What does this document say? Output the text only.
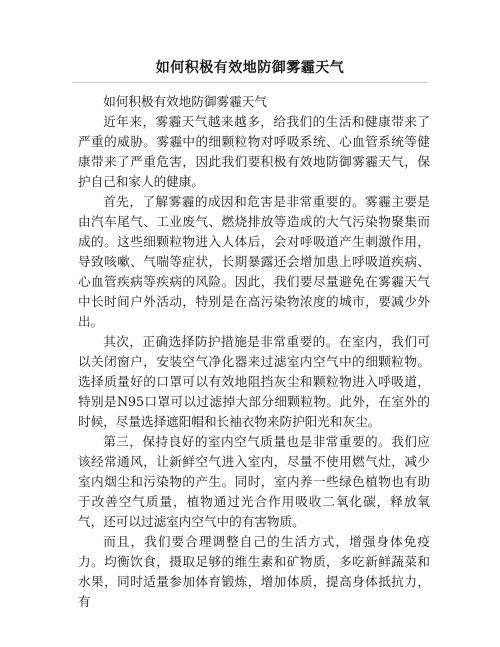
如何积极有效地防御雾霾天气

如何积极有效地防御雾霾天气

近年来，雾霾天气越来越多，给我们的生活和健康带来了严重的威胁。雾霾中的细颗粒物对呼吸系统、心血管系统等健康带来了严重危害，因此我们要积极有效地防御雾霾天气，保护自己和家人的健康。

首先，了解雾霾的成因和危害是非常重要的。雾霾主要是由汽车尾气、工业废气、燃烧排放等造成的大气污染物聚集而成的。这些细颗粒物进入人体后，会对呼吸道产生刺激作用，导致咳嗽、气喘等症状，长期暴露还会增加患上呼吸道疾病、心血管疾病等疾病的风险。因此，我们要尽量避免在雾霾天气中长时间户外活动，特别是在高污染物浓度的城市，要减少外出。

其次，正确选择防护措施是非常重要的。在室内，我们可以关闭窗户，安装空气净化器来过滤室内空气中的细颗粒物。选择质量好的口罩可以有效地阻挡灰尘和颗粒物进入呼吸道，特别是N95口罩可以过滤掉大部分细颗粒物。此外，在室外的时候，尽量选择遮阳帽和长袖衣物来防护阳光和灰尘。

第三，保持良好的室内空气质量也是非常重要的。我们应该经常通风，让新鲜空气进入室内，尽量不使用燃气灶，减少室内烟尘和污染物的产生。同时，室内养一些绿色植物也有助于改善空气质量，植物通过光合作用吸收二氧化碳，释放氧气，还可以过滤室内空气中的有害物质。

而且，我们要合理调整自己的生活方式，增强身体免疫力。均衡饮食，摄取足够的维生素和矿物质，多吃新鲜蔬菜和水果，同时适量参加体育锻炼，增加体质，提高身体抵抗力，有
